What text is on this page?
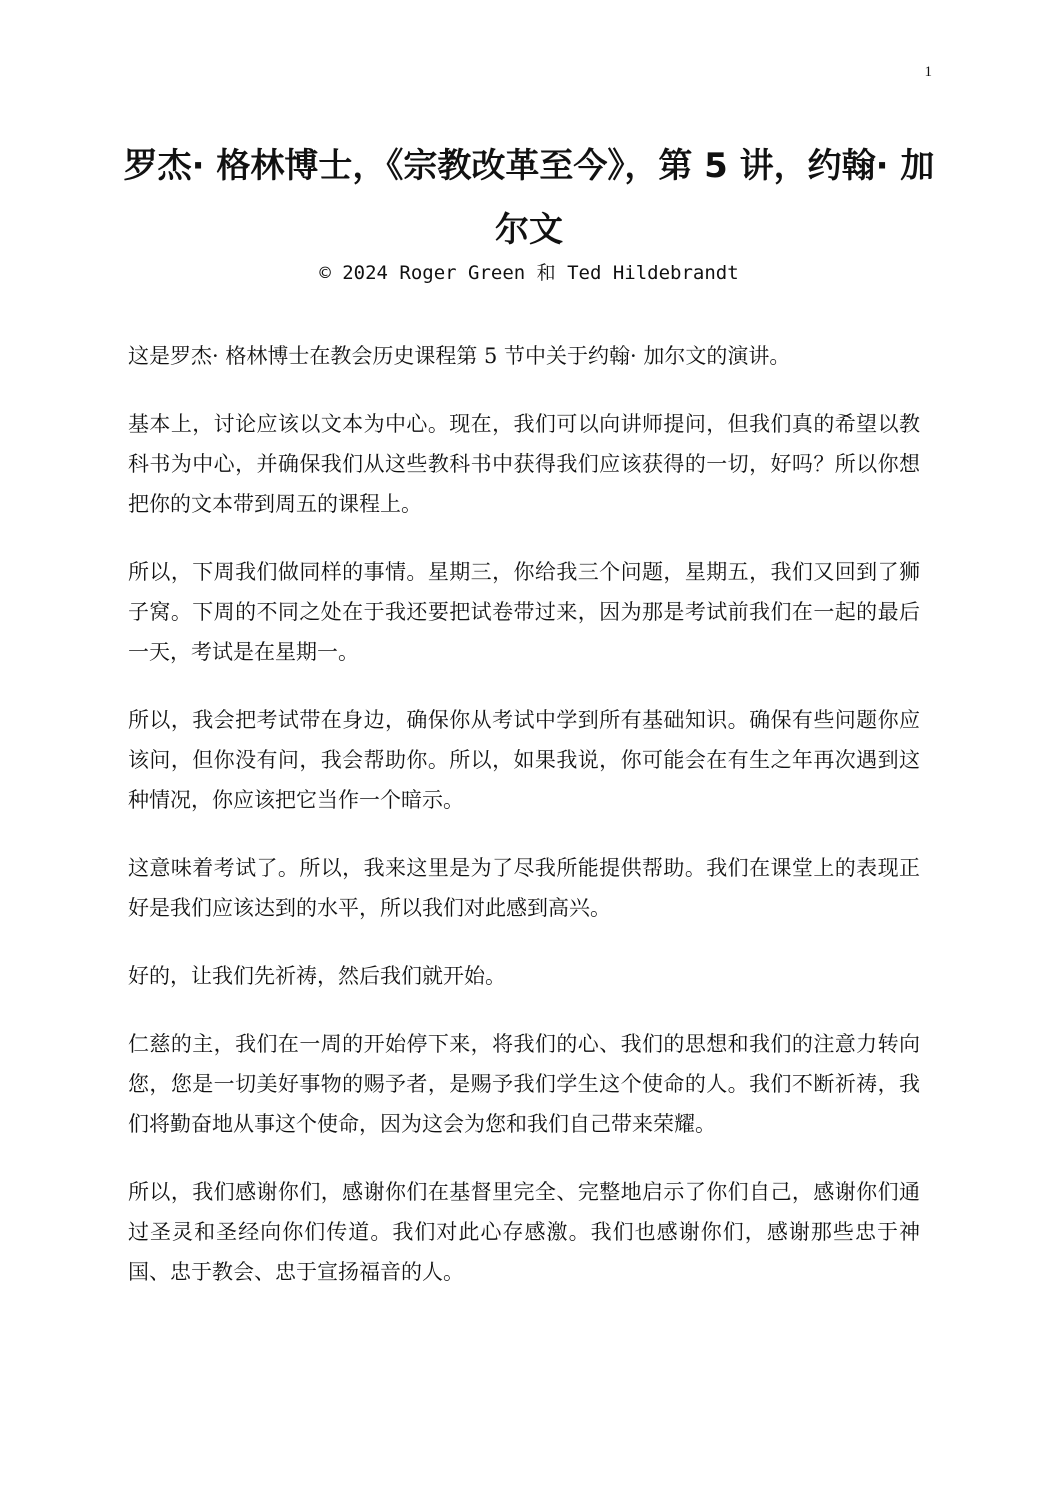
1
罗杰· 格林博士，《宗教改革至今》，第 5 讲，约翰· 加尔文
© 2024 Roger Green 和 Ted Hildebrandt

这是罗杰· 格林博士在教会历史课程第 5 节中关于约翰· 加尔文的演讲。

基本上，讨论应该以文本为中心。现在，我们可以向讲师提问，但我们真的希望以教科书为中心，并确保我们从这些教科书中获得我们应该获得的一切，好吗？所以你想把你的文本带到周五的课程上。

所以，下周我们做同样的事情。星期三，你给我三个问题，星期五，我们又回到了狮子窝。下周的不同之处在于我还要把试卷带过来，因为那是考试前我们在一起的最后一天，考试是在星期一。

所以，我会把考试带在身边，确保你从考试中学到所有基础知识。确保有些问题你应该问，但你没有问，我会帮助你。所以，如果我说，你可能会在有生之年再次遇到这种情况，你应该把它当作一个暗示。

这意味着考试了。所以，我来这里是为了尽我所能提供帮助。我们在课堂上的表现正好是我们应该达到的水平，所以我们对此感到高兴。

好的，让我们先祈祷，然后我们就开始。

仁慈的主，我们在一周的开始停下来，将我们的心、我们的思想和我们的注意力转向您，您是一切美好事物的赐予者，是赐予我们学生这个使命的人。我们不断祈祷，我们将勤奋地从事这个使命，因为这会为您和我们自己带来荣耀。

所以，我们感谢你们，感谢你们在基督里完全、完整地启示了你们自己，感谢你们通过圣灵和圣经向你们传道。我们对此心存感激。我们也感谢你们，感谢那些忠于神国、忠于教会、忠于宣扬福音的人。
